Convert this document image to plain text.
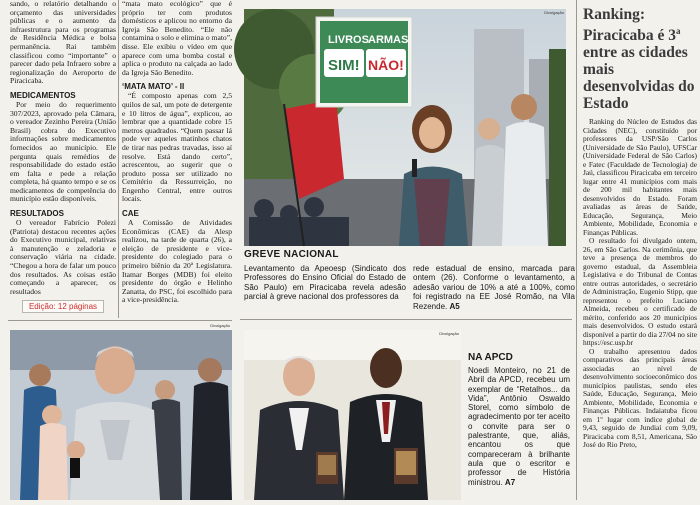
sando, o relatório detalhando o orçamento das universidades públicas e o aumento da infraestrutura para os programas de Residência Médica e bolsa permanência. Rai também classificou como “importante” o parecer dado pela Infraero sobre a regionalização do Aeroporto de Piracicaba.

MEDICAMENTOS

Por meio do requerimento 307/2023, aprovado pela Câmara, o vereador Zezinho Pereira (União Brasil) cobra do Executivo informações sobre medicamentos fornecidos ao município. Ele pergunta quais remédios de responsabilidade do estado estão em falta e pede a relação completa, há quanto tempo e se os medicamentos de competência do município estão disponíveis.

RESULTADOS

O vereador Fabrício Polezi (Patriota) destacou recentes ações do Executivo municipal, relativas à manutenção e zeladoria e conservação viária na cidade. “Chegou a hora de falar um pouco dos resultados. As coisas estão começando a aparecer, os resultados

Edição: 12 páginas

“mata mato ecológico” que é próprio ter com produtos domésticos e aplicou no entorno da Igreja São Benedito. “Ele não contamina o solo e elimina o mato”, disse. Ele exibiu o vídeo em que aparece com uma bomba costal e aplica o produto na calçada ao lado da Igreja São Benedito.

‘MATA MATO’ - II

“É composto apenas com 2,5 quilos de sal, um pote de detergente e 10 litros de água”, explicou, ao lembrar que a quantidade cobre 15 metros quadrados. “Quem passar lá pode ver aqueles matinhos chatos de tirar nas pedras travadas, isso aí resolve. Está dando certo”, acrescentou, ao sugerir que o produto possa ser utilizado no Cemitério da Ressurreição, no Engenho Central, entre outros locais.

CAE

A Comissão de Atividades Econômicas (CAE) da Alesp realizou, na tarde de quarta (26), a eleição de presidente e vice-presidente do colegiado para o primeiro biênio da 20ª Legislatura. Itamar Borges (MDB) foi eleito presidente do órgão e Helinho Zanatta, do PSC, foi escolhido para a vice-presidência.

LIVROS ARMAS
SIM! NÃO!
Divulgação
GREVE NACIONAL

Levantamento da Apeoesp (Sindicato dos Professores do Ensino Oficial do Estado de São Paulo) em Piracicaba revela adesão parcial à greve nacional dos professores da

rede estadual de ensino, marcada para ontem (26). Conforme o levantamento, a adesão variou de 10% a até a 100%, como foi registrado na EE José Romão, na Vila Rezende. A5

Divulgação
Divulgação
NA APCD

Noedi Monteiro, no 21 de Abril da APCD, recebeu um exemplar de “Retalhos... da Vida”, Antônio Oswaldo Storel, como símbolo de agradecimento por ter aceito o convite para ser o palestrante, que, aliás, encantou os que compareceram à brilhante aula que o escritor e professor de História ministrou. A7

Ranking: Piracicaba é 3$^a$ entre as cidades mais desenvolvidas do Estado

Ranking do Núcleo de Estudos das Cidades (NEC), constituído por professores da USP/São Carlos (Universidade de São Paulo), UFSCar (Universidade Federal de São Carlos) e Fatec (Faculdade de Tecnologia) de Jaú, classificou Piracicaba em terceiro lugar entre 41 municípios com mais de 200 mil habitantes mais desenvolvidos do Estado. Foram avaliadas as áreas de Saúde, Educação, Segurança, Meio Ambiente, Mobilidade, Economia e Finanças Públicas.

O resultado foi divulgado ontem, 26, em São Carlos. Na cerimônia, que teve a presença de membros do governo estadual, da Assembleia Legislativa e do Tribunal de Contas entre outras autoridades, o secretário de Administração, Eugenio Stipp, que representou o prefeito Luciano Almeida, recebeu o certificado de mérito, conferido aos 20 municípios mais desenvolvidos. O estudo estará disponível a partir do dia 27/04 no site https://esc.usp.br

O trabalho apresentou dados comparativos das principais áreas associadas ao nível de desenvolvimento socioeconômico dos municípios paulistas, sendo eles Saúde, Educação, Segurança, Meio Ambiente, Mobilidade, Economia e Finanças Públicas. Indaiatuba ficou em 1º lugar com índice global de 9,43, seguido de Jundiaí com 9,09, Piracicaba com 8,51, Americana, São José do Rio Preto,
